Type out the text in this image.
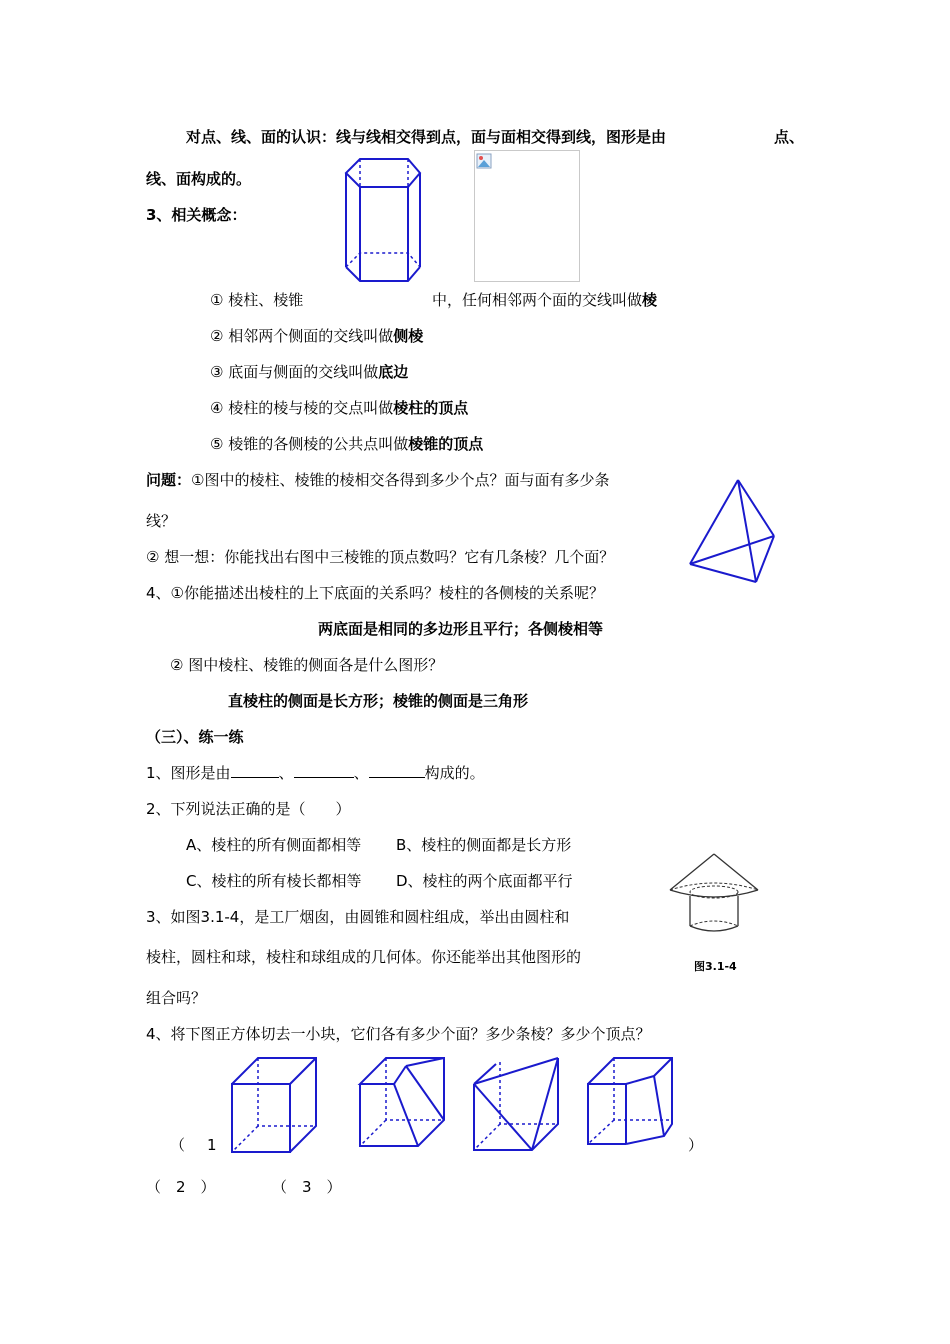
对点、线、面的认识：线与线相交得到点，面与面相交得到线，图形是由	点、
线、面构成的。
3、相关概念：
① 棱柱、棱锥	中，任何相邻两个面的交线叫做棱
② 相邻两个侧面的交线叫做侧棱
③ 底面与侧面的交线叫做底边
④ 棱柱的棱与棱的交点叫做棱柱的顶点
⑤ 棱锥的各侧棱的公共点叫做棱锥的顶点
问题：①图中的棱柱、棱锥的棱相交各得到多少个点？面与面有多少条
线？
② 想一想：你能找出右图中三棱锥的顶点数吗？它有几条棱？几个面？
4、①你能描述出棱柱的上下底面的关系吗？棱柱的各侧棱的关系呢？
两底面是相同的多边形且平行；各侧棱相等
② 图中棱柱、棱锥的侧面各是什么图形？
直棱柱的侧面是长方形；棱锥的侧面是三角形
（三）、练一练
1、图形是由	、	、	构成的。
2、下列说法正确的是（　　）
A、棱柱的所有侧面都相等 B、棱柱的侧面都是长方形
C、棱柱的所有棱长都相等 D、棱柱的两个底面都平行
3、如图3.1-4，是工厂烟囱，由圆锥和圆柱组成，举出由圆柱和
棱柱，圆柱和球，棱柱和球组成的几何体。你还能举出其他图形的
组合吗？
图3.1-4
4、将下图正方体切去一小块，它们各有多少个面？多少条棱？多少个顶点？
（ 1	）
（　2　）	（　3　）
